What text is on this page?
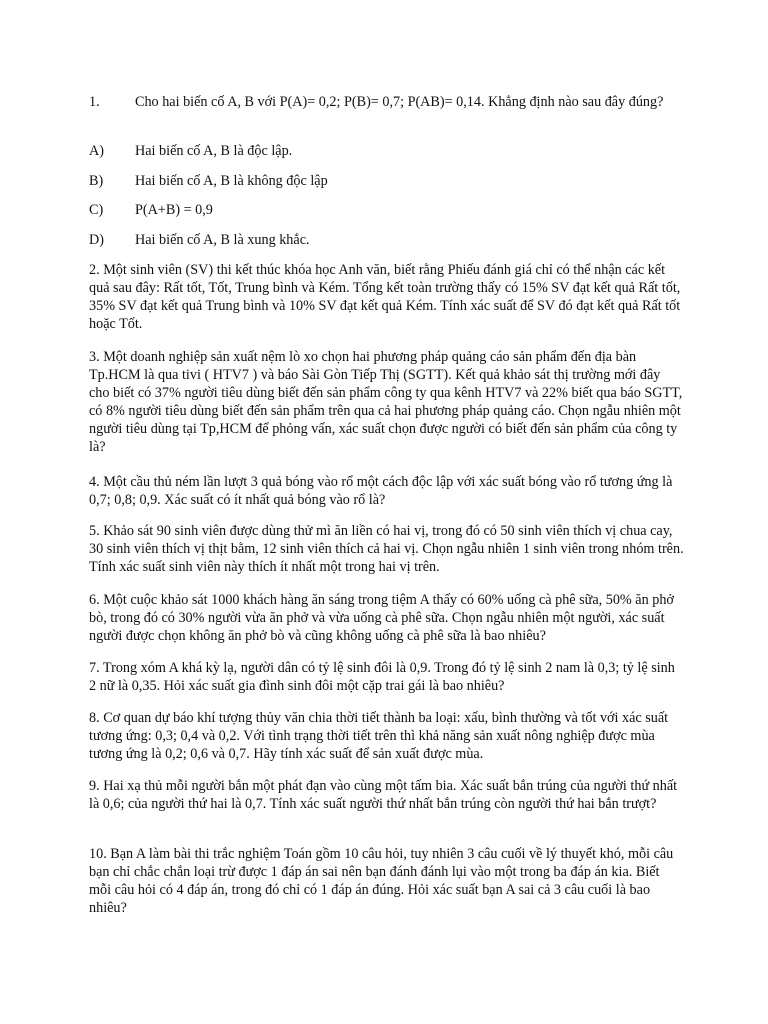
1. Cho hai biến cố A, B với P(A)= 0,2; P(B)= 0,7; P(AB)= 0,14. Khẳng định nào sau đây đúng?

A) Hai biến cố A, B là độc lập.
B) Hai biến cố A, B là không độc lập
C) P(A+B) = 0,9
D) Hai biến cố A, B là xung khắc.

2. Một sinh viên (SV) thi kết thúc khóa học Anh văn, biết rằng Phiếu đánh giá chỉ có thể nhận các kết quả sau đây: Rất tốt, Tốt, Trung bình và Kém. Tổng kết toàn trường thấy có 15% SV đạt kết quả Rất tốt, 35% SV đạt kết quả Trung bình và 10% SV đạt kết quả Kém. Tính xác suất để SV đó đạt kết quả Rất tốt hoặc Tốt.

3. Một doanh nghiệp sản xuất nệm lò xo chọn hai phương pháp quảng cáo sản phẩm đến địa bàn Tp.HCM là qua tivi ( HTV7 ) và báo Sài Gòn Tiếp Thị (SGTT). Kết quả khảo sát thị trường mới đây cho biết có 37% người tiêu dùng biết đến sản phẩm công ty qua kênh HTV7 và 22% biết qua báo SGTT, có 8% người tiêu dùng biết đến sản phẩm trên qua cả hai phương pháp quảng cáo. Chọn ngẫu nhiên một người tiêu dùng tại Tp,HCM để phỏng vấn, xác suất chọn được người có biết đến sản phẩm của công ty là?

4. Một cầu thủ ném lần lượt 3 quả bóng vào rổ một cách độc lập với xác suất bóng vào rổ tương ứng là 0,7; 0,8; 0,9. Xác suất có ít nhất quả bóng vào rổ là?

5. Khảo sát 90 sinh viên được dùng thử mì ăn liền có hai vị, trong đó có 50 sinh viên thích vị chua cay, 30 sinh viên thích vị thịt bằm, 12 sinh viên thích cả hai vị. Chọn ngẫu nhiên 1 sinh viên trong nhóm trên. Tính xác suất sinh viên này thích ít nhất một trong hai vị trên.

6. Một cuộc khảo sát 1000 khách hàng ăn sáng trong tiệm A thấy có 60% uống cà phê sữa, 50% ăn phở bò, trong đó có 30% người vừa ăn phở và vừa uống cà phê sữa. Chọn ngẫu nhiên một người, xác suất người được chọn không ăn phở bò và cũng không uống cà phê sữa là bao nhiêu?

7. Trong xóm A khá kỳ lạ, người dân có tỷ lệ sinh đôi là 0,9. Trong đó tỷ lệ sinh 2 nam là 0,3; tỷ lệ sinh 2 nữ là 0,35. Hỏi xác suất gia đình sinh đôi một cặp trai gái là bao nhiêu?

8. Cơ quan dự báo khí tượng thủy văn chia thời tiết thành ba loại: xấu, bình thường và tốt với xác suất tương ứng: 0,3; 0,4 và 0,2. Với tình trạng thời tiết trên thì khả năng sản xuất nông nghiệp được mùa tương ứng là 0,2; 0,6 và 0,7. Hãy tính xác suất để sản xuất được mùa.

9. Hai xạ thủ mỗi người bắn một phát đạn vào cùng một tấm bia. Xác suất bắn trúng của người thứ nhất là 0,6; của người thứ hai là 0,7. Tính xác suất người thứ nhất bắn trúng còn người thứ hai bắn trượt?

10. Bạn A làm bài thi trắc nghiệm Toán gồm 10 câu hỏi, tuy nhiên 3 câu cuối về lý thuyết khó, mỗi câu bạn chỉ chắc chắn loại trừ được 1 đáp án sai nên bạn đánh đánh lụi vào một trong ba đáp án kia. Biết mỗi câu hỏi có 4 đáp án, trong đó chỉ có 1 đáp án đúng. Hỏi xác suất bạn A sai cả 3 câu cuối là bao nhiêu?
